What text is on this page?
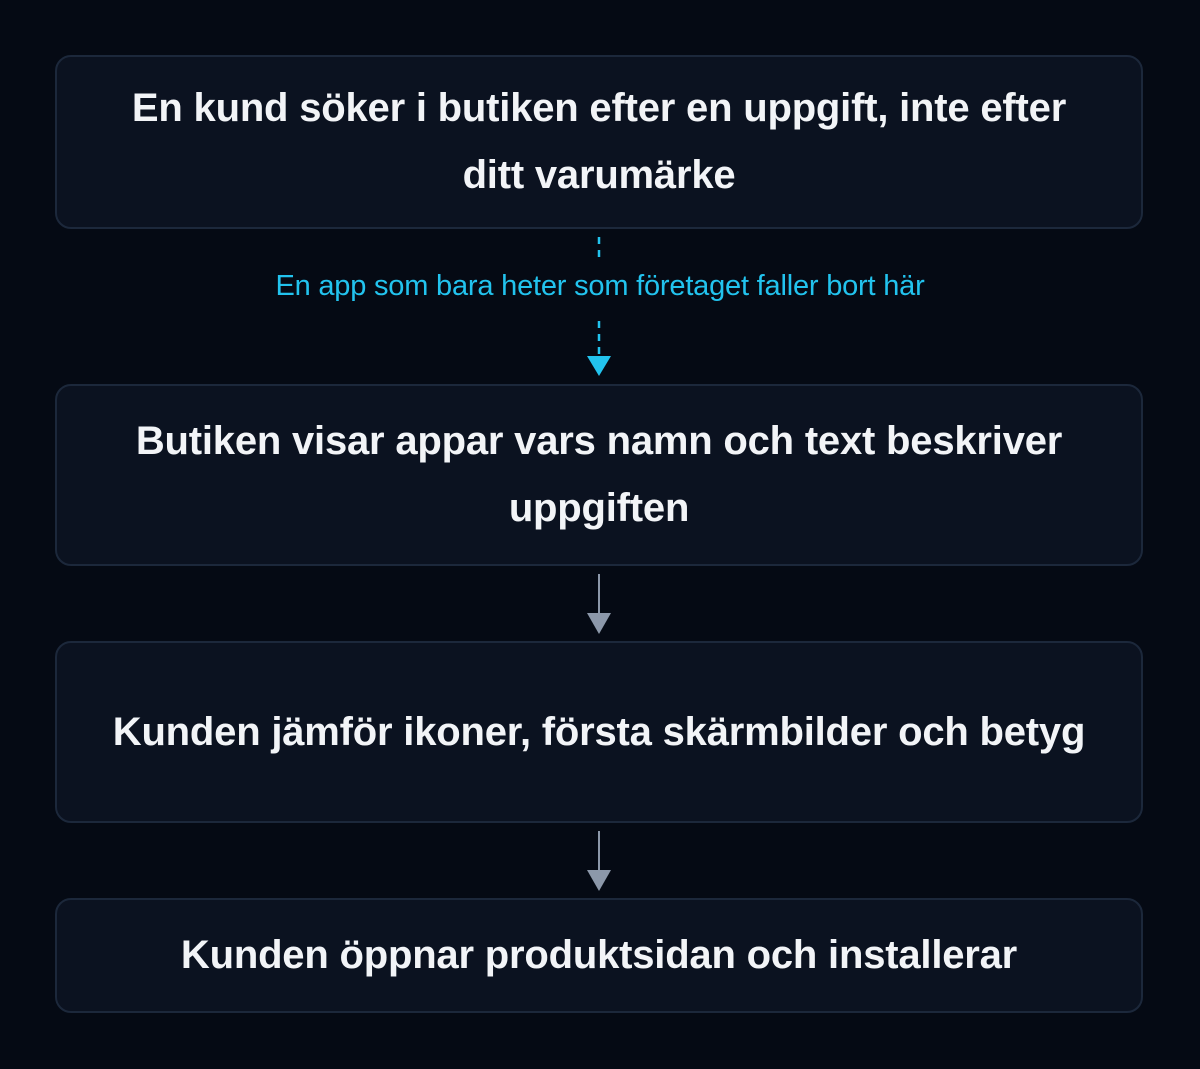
En kund söker i butiken efter en uppgift, inte efter ditt varumärke
En app som bara heter som företaget faller bort här
Butiken visar appar vars namn och text beskriver uppgiften
Kunden jämför ikoner, första skärmbilder och betyg
Kunden öppnar produktsidan och installerar
